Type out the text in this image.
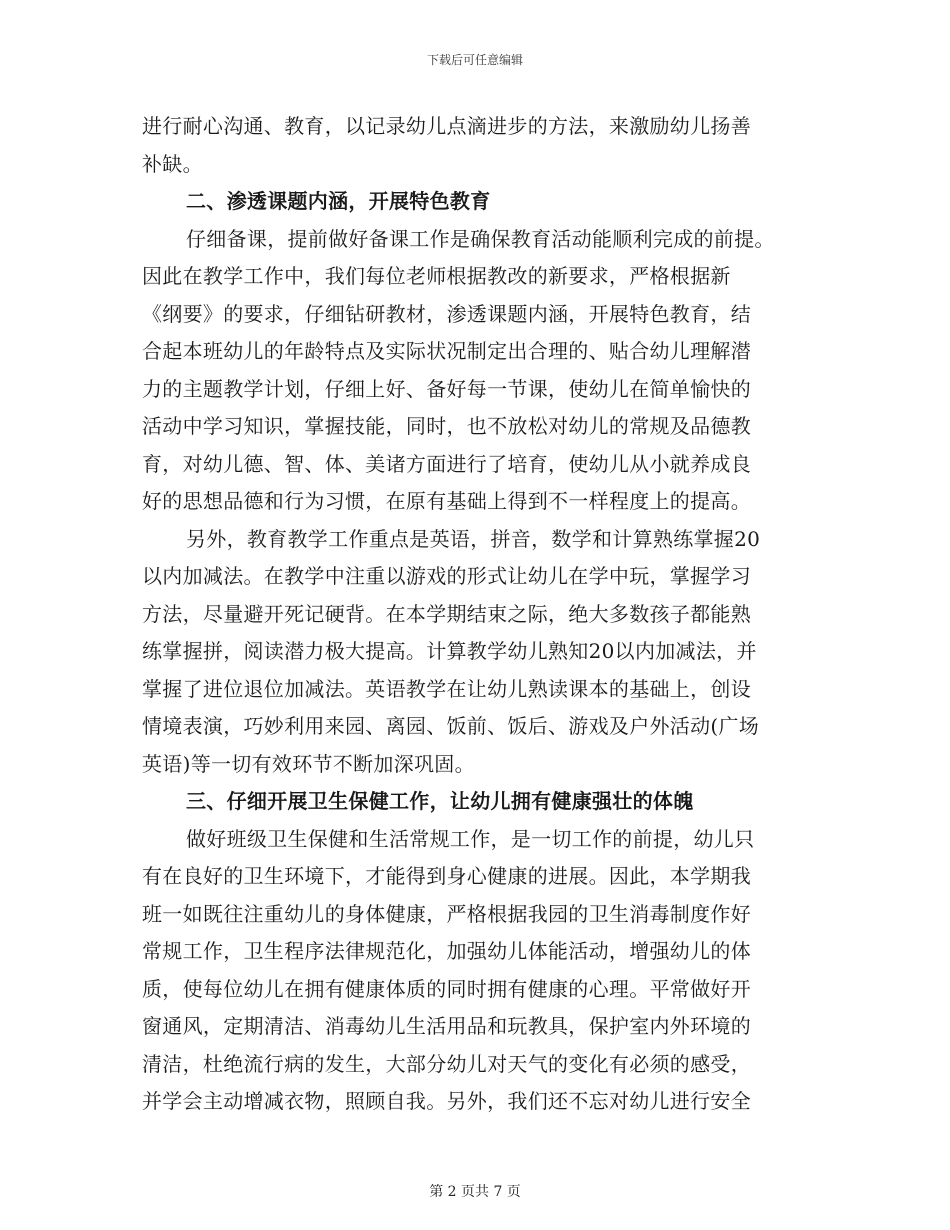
下载后可任意编辑
进行耐心沟通、教育，以记录幼儿点滴进步的方法，来激励幼儿扬善
补缺。
二、渗透课题内涵，开展特色教育
仔细备课，提前做好备课工作是确保教育活动能顺利完成的前提。
因此在教学工作中，我们每位老师根据教改的新要求，严格根据新
《纲要》的要求，仔细钻研教材，渗透课题内涵，开展特色教育，结
合起本班幼儿的年龄特点及实际状况制定出合理的、贴合幼儿理解潜
力的主题教学计划，仔细上好、备好每一节课，使幼儿在简单愉快的
活动中学习知识，掌握技能，同时，也不放松对幼儿的常规及品德教
育，对幼儿德、智、体、美诸方面进行了培育，使幼儿从小就养成良
好的思想品德和行为习惯，在原有基础上得到不一样程度上的提高。
另外，教育教学工作重点是英语，拼音，数学和计算熟练掌握20
以内加减法。在教学中注重以游戏的形式让幼儿在学中玩，掌握学习
方法，尽量避开死记硬背。在本学期结束之际，绝大多数孩子都能熟
练掌握拼，阅读潜力极大提高。计算教学幼儿熟知20以内加减法，并
掌握了进位退位加减法。英语教学在让幼儿熟读课本的基础上，创设
情境表演，巧妙利用来园、离园、饭前、饭后、游戏及户外活动(广场
英语)等一切有效环节不断加深巩固。
三、仔细开展卫生保健工作，让幼儿拥有健康强壮的体魄
做好班级卫生保健和生活常规工作，是一切工作的前提，幼儿只
有在良好的卫生环境下，才能得到身心健康的进展。因此，本学期我
班一如既往注重幼儿的身体健康，严格根据我园的卫生消毒制度作好
常规工作，卫生程序法律规范化，加强幼儿体能活动，增强幼儿的体
质，使每位幼儿在拥有健康体质的同时拥有健康的心理。平常做好开
窗通风，定期清洁、消毒幼儿生活用品和玩教具，保护室内外环境的
清洁，杜绝流行病的发生，大部分幼儿对天气的变化有必须的感受，
并学会主动增减衣物，照顾自我。另外，我们还不忘对幼儿进行安全
第 2 页共 7 页
